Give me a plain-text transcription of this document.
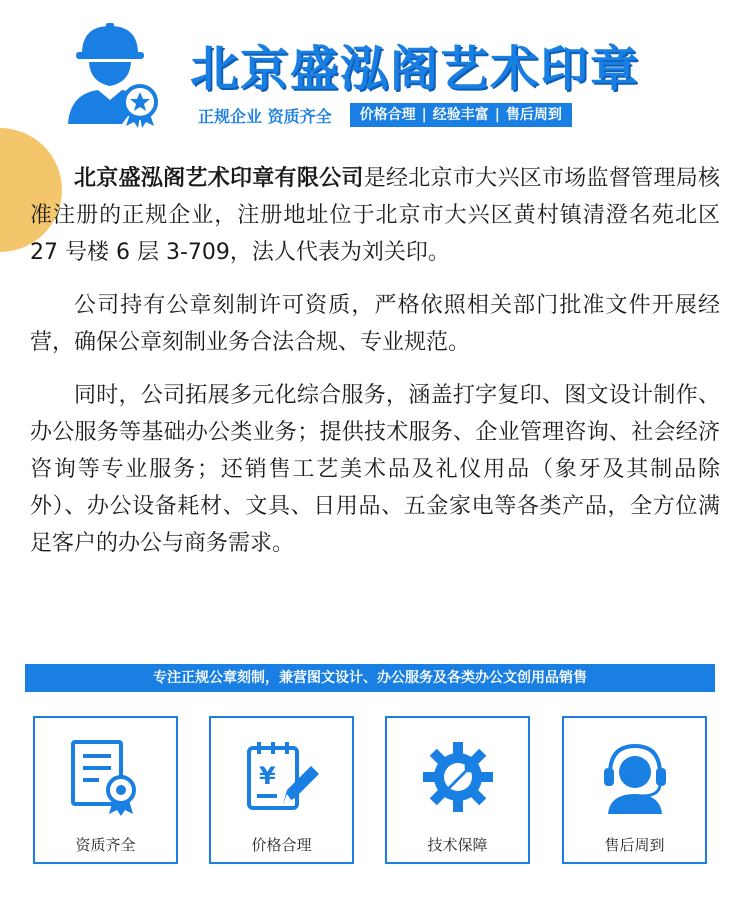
北京盛泓阁艺术印章
正规企业 资质齐全	价格合理 | 经验丰富 | 售后周到

北京盛泓阁艺术印章有限公司是经北京市大兴区市场监督管理局核准注册的正规企业，注册地址位于北京市大兴区黄村镇清澄名苑北区 27 号楼 6 层 3-709，法人代表为刘关印。

公司持有公章刻制许可资质，严格依照相关部门批准文件开展经营，确保公章刻制业务合法合规、专业规范。

同时，公司拓展多元化综合服务，涵盖打字复印、图文设计制作、办公服务等基础办公类业务；提供技术服务、企业管理咨询、社会经济咨询等专业服务；还销售工艺美术品及礼仪用品（象牙及其制品除外）、办公设备耗材、文具、日用品、五金家电等各类产品，全方位满足客户的办公与商务需求。

专注正规公章刻制，兼营图文设计、办公服务及各类办公文创用品销售
资质齐全
¥
价格合理	技术保障	售后周到
